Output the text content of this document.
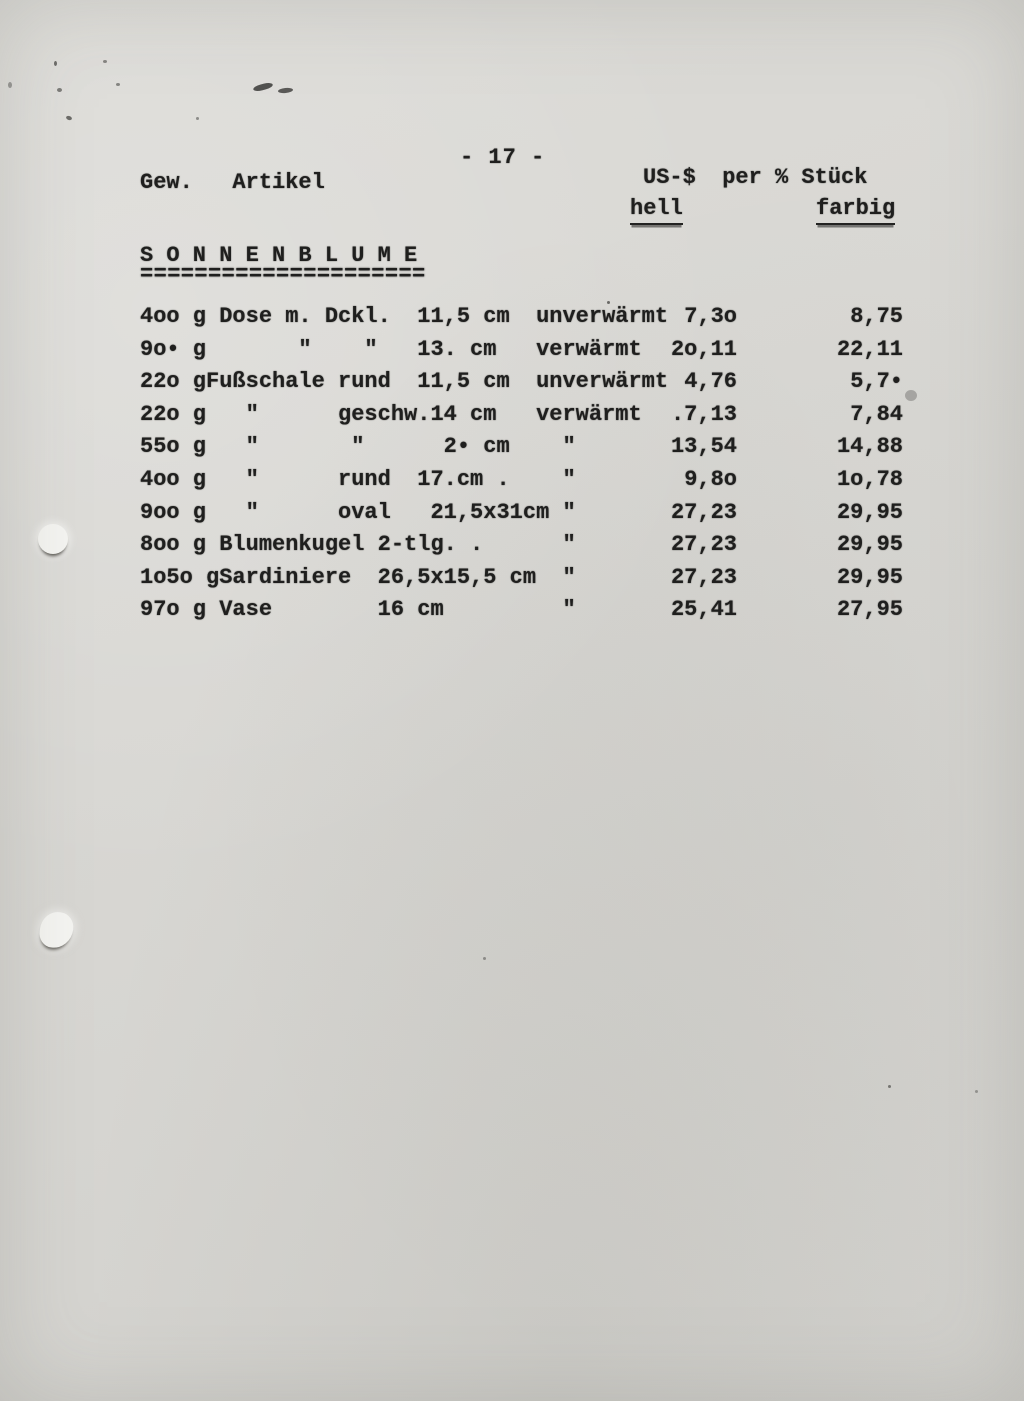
- 17 -
Gew.   Artikel	US-$  per % Stück
hell	farbig
S O N N E N B L U M E
=====================
4oo g Dose m. Dckl.  11,5 cm  unverwärmt 7,3o	8,75
9o• g       "    "   13. cm   verwärmt	2o,11	22,11
22o gFußschale rund  11,5 cm  unverwärmt 4,76	5,7•
22o g   "      geschw.14 cm   verwärmt	.7,13	7,84
55o g   "       "      2• cm    "	13,54	14,88
4oo g   "      rund  17.cm .    "	9,8o	1o,78
9oo g   "      oval   21,5x31cm "	27,23	29,95
8oo g Blumenkugel 2-tlg. .      "	27,23	29,95
1o5o gSardiniere  26,5x15,5 cm  "	27,23	29,95
97o g Vase        16 cm         "	25,41	27,95
